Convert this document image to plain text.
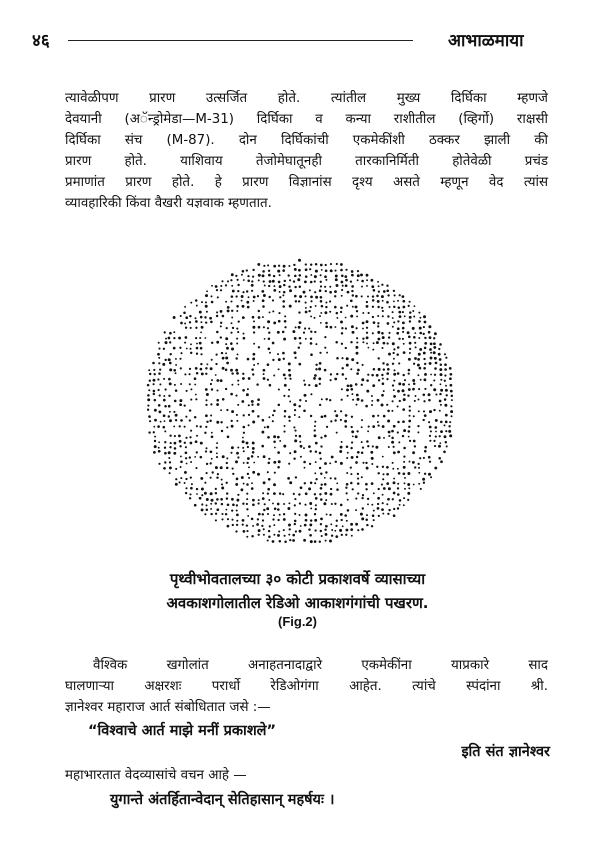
४६	आभाळमाया
त्यावेळीपण प्रारण उत्सर्जित होते. त्यांतील मुख्य दिर्घिका म्हणजे
देवयानी (अॅन्ड्रोमेडा—M-31) दिर्घिका व कन्या राशीतील (व्हिर्गो) राक्षसी
दिर्घिका संच (M-87). दोन दिर्घिकांची एकमेकींशी ठक्कर झाली की
प्रारण होते. याशिवाय तेजोमेघातूनही तारकानिर्मिती होतेवेळी प्रचंड
प्रमाणांत प्रारण होते. हे प्रारण विज्ञानांस दृश्य असते म्हणून वेद त्यांस
व्यावहारिकी किंवा वैखरी यज्ञवाक म्हणतात.
पृथ्वीभोवतालच्या ३० कोटी प्रकाशवर्षे व्यासाच्या
अवकाशगोलातील रेडिओ आकाशगंगांची पखरण.
(Fig.2)
वैश्विक खगोलांत अनाहतनादाद्वारे एकमेकींना याप्रकारे साद
घालणाऱ्या अक्षरशः परार्धो रेडिओगंगा आहेत. त्यांचे स्पंदांना श्री.
ज्ञानेश्वर महाराज आर्त संबोधितात जसे :—
“विश्वाचे आर्त माझे मनीं प्रकाशले”
इति संत ज्ञानेश्वर
महाभारतात वेदव्यासांचे वचन आहे —
युगान्ते अंतर्हितान्वेदान् सेतिहासान् महर्षयः ।
